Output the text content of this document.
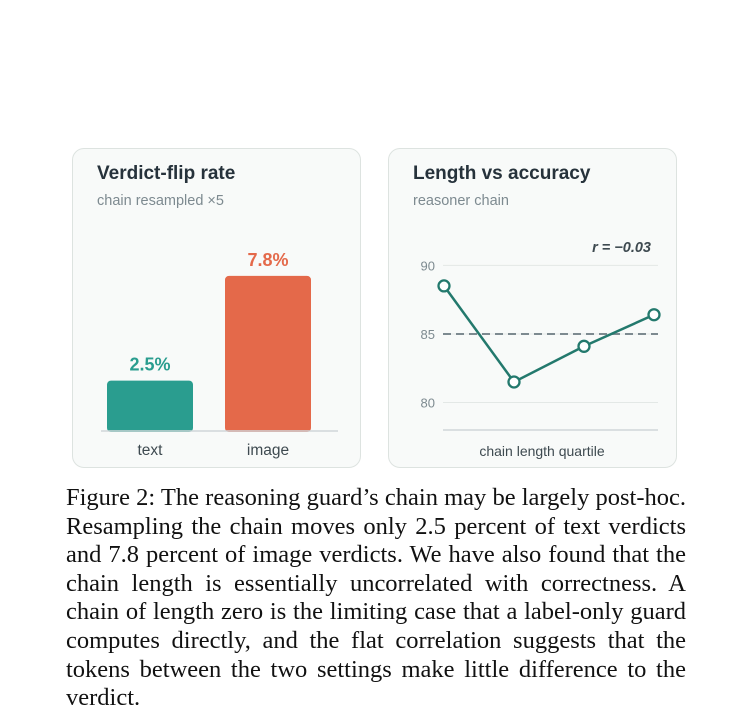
Verdict-flip rate
chain resampled ×5
2.5%
text
7.8%
image
Length vs accuracy
reasoner chain
80
85
90
r = −0.03
chain length quartile

Figure 2: The reasoning guard’s chain may be largely post-hoc. Resampling the chain moves only 2.5 percent of text verdicts and 7.8 percent of image verdicts. We have also found that the chain length is essentially uncorrelated with correctness. A chain of length zero is the limiting case that a label-only guard computes directly, and the flat correlation suggests that the tokens between the two settings make little difference to the verdict.
